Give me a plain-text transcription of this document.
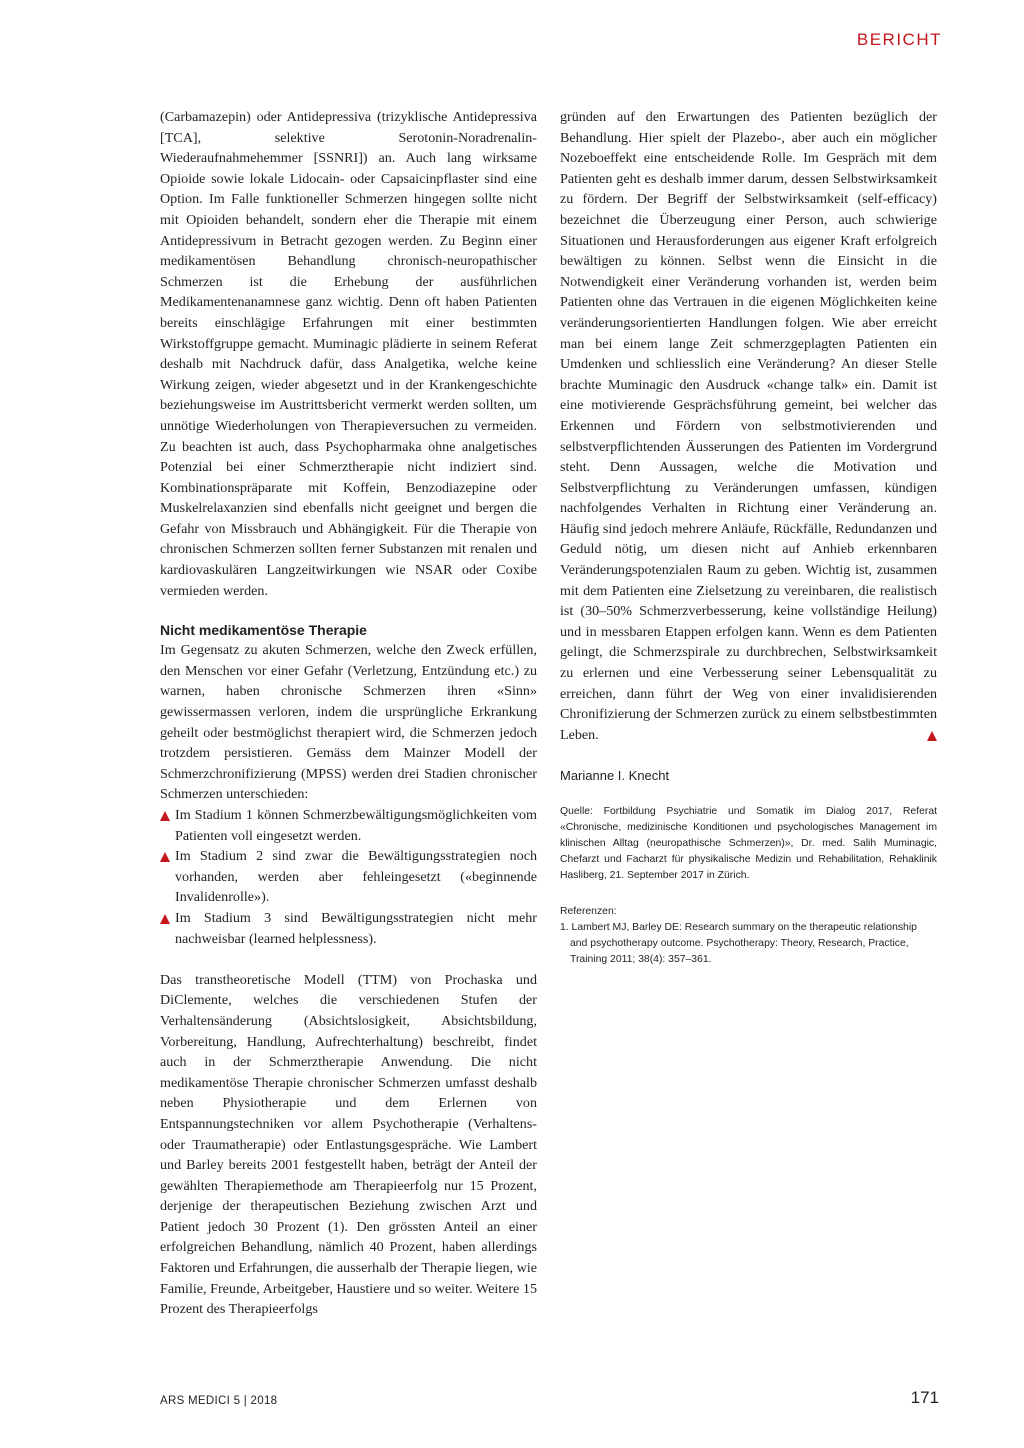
BERICHT

(Carbamazepin) oder Antidepressiva (trizyklische Antidepressiva [TCA], selektive Serotonin-Noradrenalin-Wiederaufnahmehemmer [SSNRI]) an. Auch lang wirksame Opioide sowie lokale Lidocain- oder Capsaicinpflaster sind eine Option. Im Falle funktioneller Schmerzen hingegen sollte nicht mit Opioiden behandelt, sondern eher die Therapie mit einem Antidepressivum in Betracht gezogen werden. Zu Beginn einer medikamentösen Behandlung chronisch-neuropathischer Schmerzen ist die Erhebung der ausführlichen Medikamentenanamnese ganz wichtig. Denn oft haben Patienten bereits einschlägige Erfahrungen mit einer bestimmten Wirkstoffgruppe gemacht. Muminagic plädierte in seinem Referat deshalb mit Nachdruck dafür, dass Analgetika, welche keine Wirkung zeigen, wieder abgesetzt und in der Krankengeschichte beziehungsweise im Austrittsbericht vermerkt werden sollten, um unnötige Wiederholungen von Therapieversuchen zu vermeiden. Zu beachten ist auch, dass Psychopharmaka ohne analgetisches Potenzial bei einer Schmerztherapie nicht indiziert sind. Kombinationspräparate mit Koffein, Benzodiazepine oder Muskelrelaxanzien sind ebenfalls nicht geeignet und bergen die Gefahr von Missbrauch und Abhängigkeit. Für die Therapie von chronischen Schmerzen sollten ferner Substanzen mit renalen und kardiovaskulären Langzeitwirkungen wie NSAR oder Coxibe vermieden werden.

Nicht medikamentöse Therapie

Im Gegensatz zu akuten Schmerzen, welche den Zweck erfüllen, den Menschen vor einer Gefahr (Verletzung, Entzündung etc.) zu warnen, haben chronische Schmerzen ihren «Sinn» gewissermassen verloren, indem die ursprüngliche Erkrankung geheilt oder bestmöglichst therapiert wird, die Schmerzen jedoch trotzdem persistieren. Gemäss dem Mainzer Modell der Schmerzchronifizierung (MPSS) werden drei Stadien chronischer Schmerzen unterschieden:

Im Stadium 1 können Schmerzbewältigungsmöglichkeiten vom Patienten voll eingesetzt werden.
Im Stadium 2 sind zwar die Bewältigungsstrategien noch vorhanden, werden aber fehleingesetzt («beginnende Invalidenrolle»).
Im Stadium 3 sind Bewältigungsstrategien nicht mehr nachweisbar (learned helplessness).

Das transtheoretische Modell (TTM) von Prochaska und DiClemente, welches die verschiedenen Stufen der Verhaltensänderung (Absichtslosigkeit, Absichtsbildung, Vorbereitung, Handlung, Aufrechterhaltung) beschreibt, findet auch in der Schmerztherapie Anwendung. Die nicht medikamentöse Therapie chronischer Schmerzen umfasst deshalb neben Physiotherapie und dem Erlernen von Entspannungstechniken vor allem Psychotherapie (Verhaltens- oder Traumatherapie) oder Entlastungsgespräche. Wie Lambert und Barley bereits 2001 festgestellt haben, beträgt der Anteil der gewählten Therapiemethode am Therapieerfolg nur 15 Prozent, derjenige der therapeutischen Beziehung zwischen Arzt und Patient jedoch 30 Prozent (1). Den grössten Anteil an einer erfolgreichen Behandlung, nämlich 40 Prozent, haben allerdings Faktoren und Erfahrungen, die ausserhalb der Therapie liegen, wie Familie, Freunde, Arbeitgeber, Haustiere und so weiter. Weitere 15 Prozent des Therapieerfolgs

gründen auf den Erwartungen des Patienten bezüglich der Behandlung. Hier spielt der Plazebo-, aber auch ein möglicher Nozeboeffekt eine entscheidende Rolle. Im Gespräch mit dem Patienten geht es deshalb immer darum, dessen Selbstwirksamkeit zu fördern. Der Begriff der Selbstwirksamkeit (self-efficacy) bezeichnet die Überzeugung einer Person, auch schwierige Situationen und Herausforderungen aus eigener Kraft erfolgreich bewältigen zu können. Selbst wenn die Einsicht in die Notwendigkeit einer Veränderung vorhanden ist, werden beim Patienten ohne das Vertrauen in die eigenen Möglichkeiten keine veränderungsorientierten Handlungen folgen. Wie aber erreicht man bei einem lange Zeit schmerzgeplagten Patienten ein Umdenken und schliesslich eine Veränderung? An dieser Stelle brachte Muminagic den Ausdruck «change talk» ein. Damit ist eine motivierende Gesprächsführung gemeint, bei welcher das Erkennen und Fördern von selbstmotivierenden und selbstverpflichtenden Äusserungen des Patienten im Vordergrund steht. Denn Aussagen, welche die Motivation und Selbstverpflichtung zu Veränderungen umfassen, kündigen nachfolgendes Verhalten in Richtung einer Veränderung an. Häufig sind jedoch mehrere Anläufe, Rückfälle, Redundanzen und Geduld nötig, um diesen nicht auf Anhieb erkennbaren Veränderungspotenzialen Raum zu geben. Wichtig ist, zusammen mit dem Patienten eine Zielsetzung zu vereinbaren, die realistisch ist (30–50% Schmerzverbesserung, keine vollständige Heilung) und in messbaren Etappen erfolgen kann. Wenn es dem Patienten gelingt, die Schmerzspirale zu durchbrechen, Selbstwirksamkeit zu erlernen und eine Verbesserung seiner Lebensqualität zu erreichen, dann führt der Weg von einer invalidisierenden Chronifizierung der Schmerzen zurück zu einem selbstbestimmten Leben.

Marianne I. Knecht
Quelle: Fortbildung Psychiatrie und Somatik im Dialog 2017, Referat «Chronische, medizinische Konditionen und psychologisches Management im klinischen Alltag (neuropathische Schmerzen)», Dr. med. Salih Muminagic, Chefarzt und Facharzt für physikalische Medizin und Rehabilitation, Rehaklinik Hasliberg, 21. September 2017 in Zürich.
Referenzen:
1. Lambert MJ, Barley DE: Research summary on the therapeutic relationship and psychotherapy outcome. Psychotherapy: Theory, Research, Practice, Training 2011; 38(4): 357–361.
ARS MEDICI 5 | 2018	171
